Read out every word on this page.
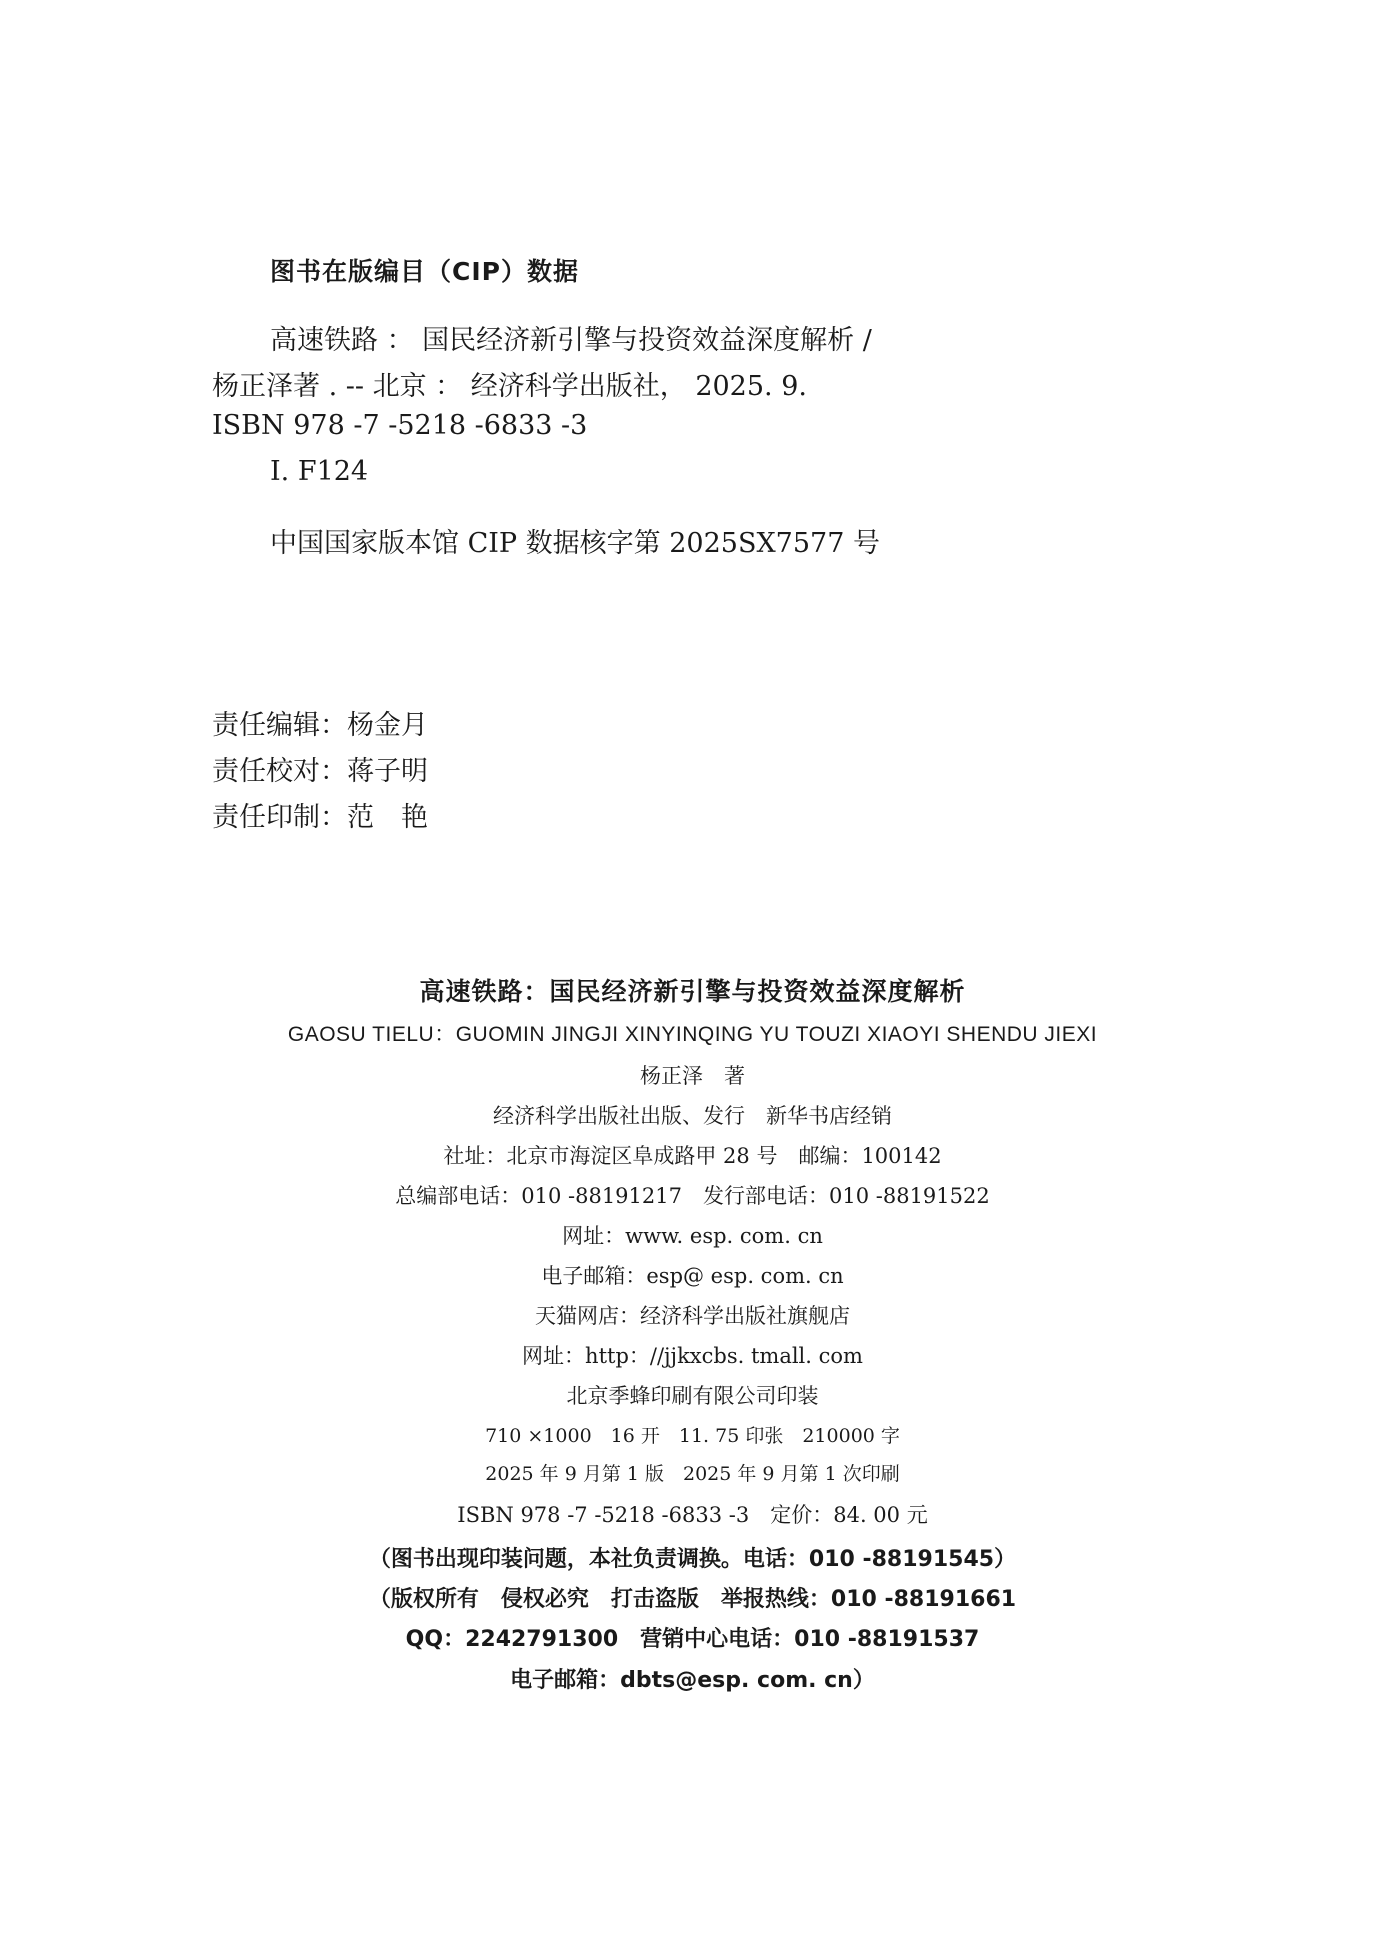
图书在版编目（CIP）数据
高速铁路 ： 国民经济新引擎与投资效益深度解析 /
杨正泽著 . -- 北京 ： 经济科学出版社， 2025. 9.
ISBN 978 -7 -5218 -6833 -3
Ⅰ. F124
中国国家版本馆 CIP 数据核字第 2025SX7577 号
责任编辑：杨金月
责任校对：蒋子明
责任印制：范　艳
高速铁路：国民经济新引擎与投资效益深度解析
GAOSU TIELU：GUOMIN JINGJI XINYINQING YU TOUZI XIAOYI SHENDU JIEXI
杨正泽　著
经济科学出版社出版、发行　新华书店经销
社址：北京市海淀区阜成路甲 28 号　邮编：100142
总编部电话：010 -88191217　发行部电话：010 -88191522
网址：www. esp. com. cn
电子邮箱：esp@ esp. com. cn
天猫网店：经济科学出版社旗舰店
网址：http：//jjkxcbs. tmall. com
北京季蜂印刷有限公司印装
710 ×1000　16 开　11. 75 印张　210000 字
2025 年 9 月第 1 版　2025 年 9 月第 1 次印刷
ISBN 978 -7 -5218 -6833 -3　定价：84. 00 元
（图书出现印装问题，本社负责调换。电话：010 -88191545）
（版权所有　侵权必究　打击盗版　举报热线：010 -88191661
QQ：2242791300　营销中心电话：010 -88191537
电子邮箱：dbts@esp. com. cn）
